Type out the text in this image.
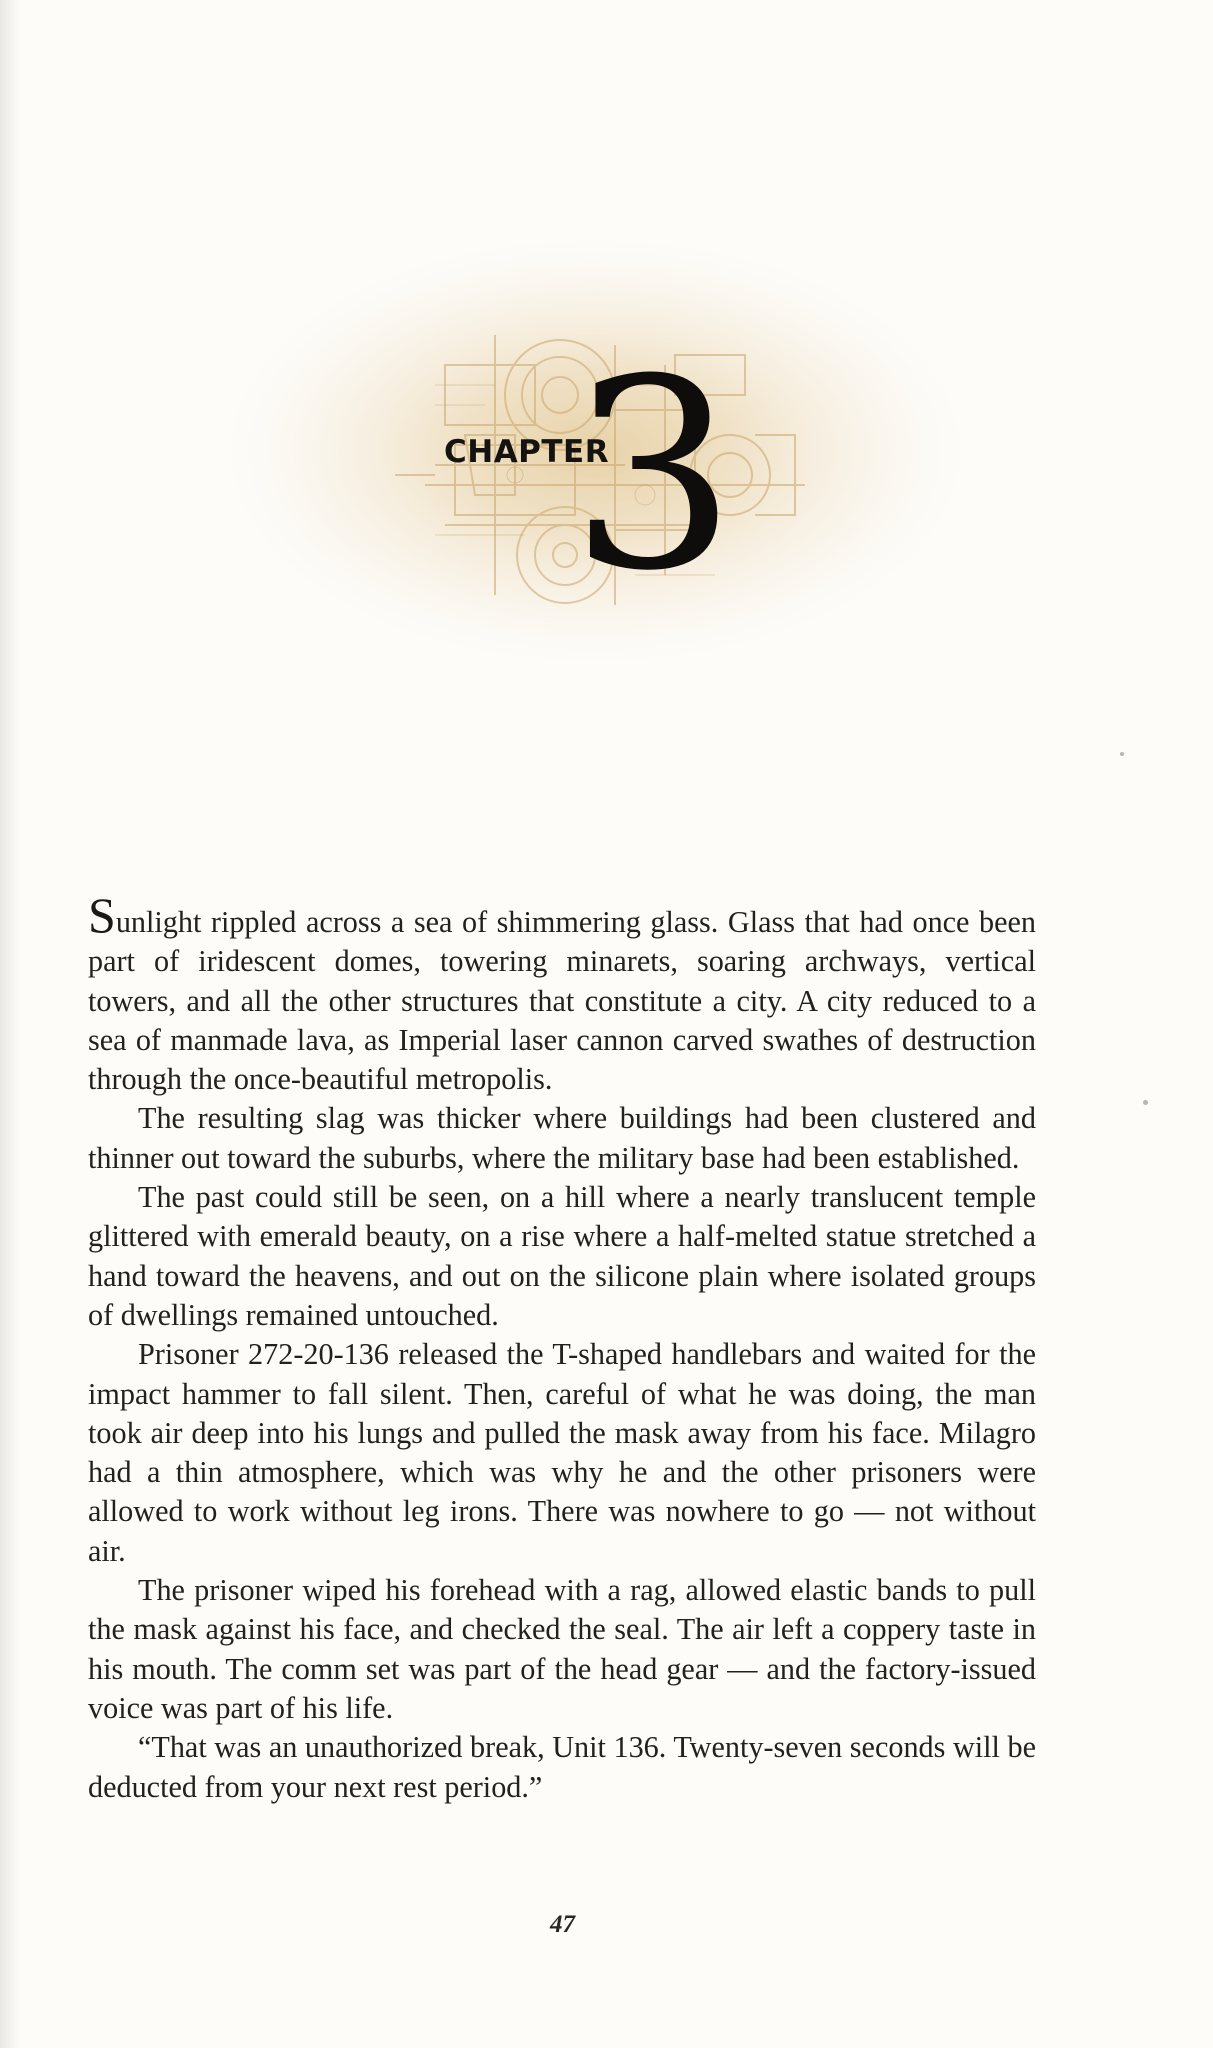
CHAPTER
3

Sunlight rippled across a sea of shimmering glass. Glass that had once been part of iridescent domes, towering minarets, soaring archways, vertical towers, and all the other structures that constitute a city. A city reduced to a sea of manmade lava, as Imperial laser cannon carved swathes of destruction through the once-beautiful metropolis.

The resulting slag was thicker where buildings had been clustered and thinner out toward the suburbs, where the military base had been established.

The past could still be seen, on a hill where a nearly translucent temple glittered with emerald beauty, on a rise where a half-melted statue stretched a hand toward the heavens, and out on the silicone plain where isolated groups of dwellings remained untouched.

Prisoner 272-20-136 released the T-shaped handlebars and waited for the impact hammer to fall silent. Then, careful of what he was doing, the man took air deep into his lungs and pulled the mask away from his face. Milagro had a thin atmosphere, which was why he and the other prisoners were allowed to work without leg irons. There was nowhere to go — not without air.

The prisoner wiped his forehead with a rag, allowed elastic bands to pull the mask against his face, and checked the seal. The air left a coppery taste in his mouth. The comm set was part of the head gear — and the factory-issued voice was part of his life.

“That was an unauthorized break, Unit 136. Twenty-seven seconds will be deducted from your next rest period.”

47
